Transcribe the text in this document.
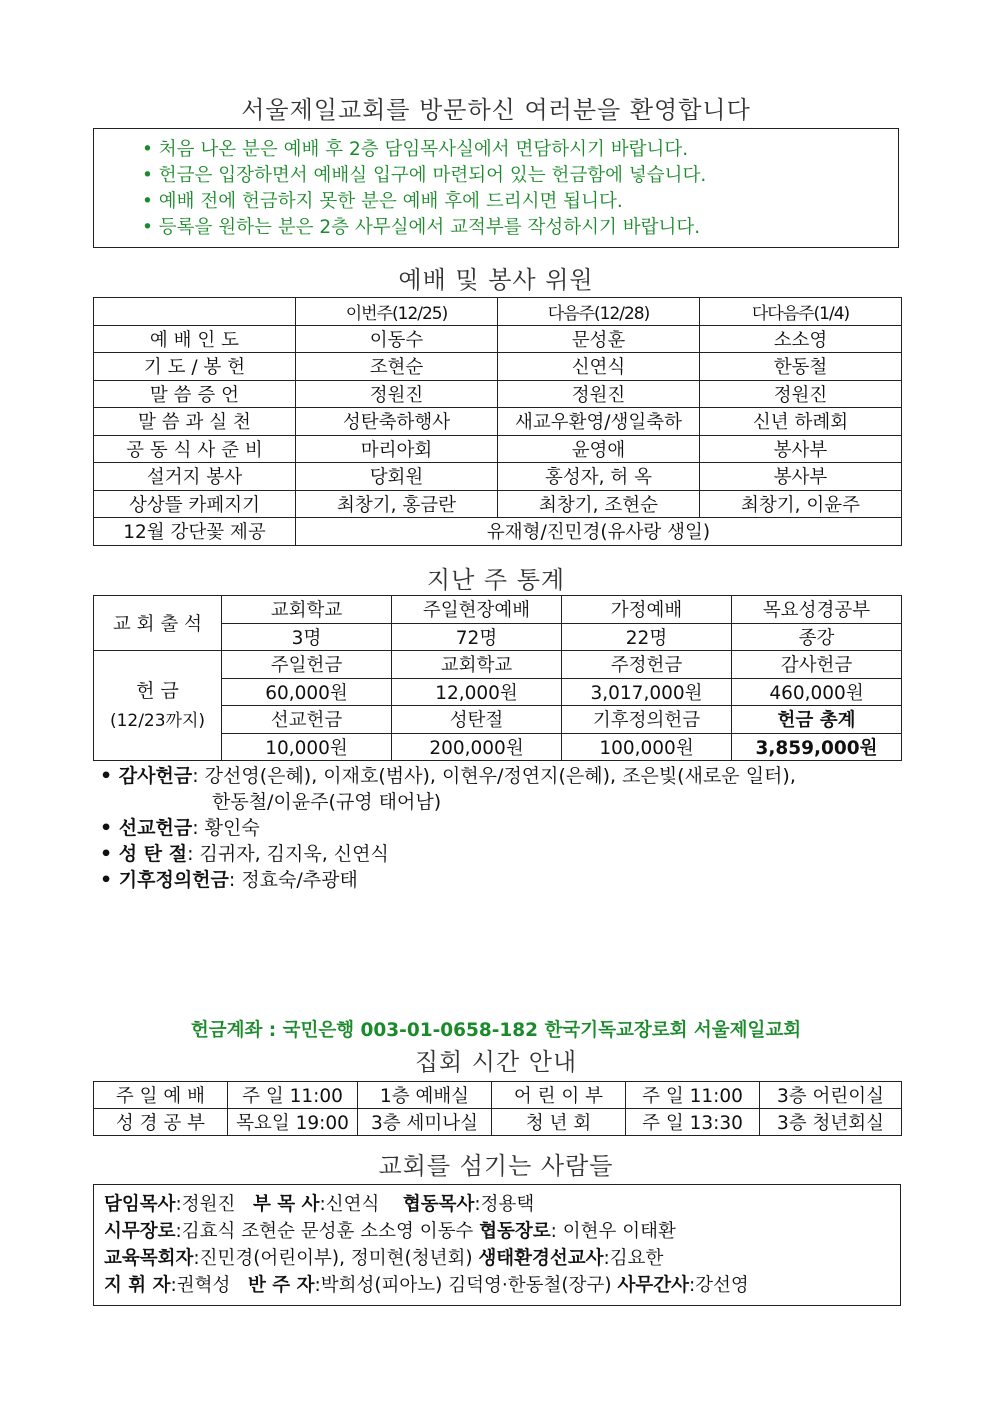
서울제일교회를 방문하신 여러분을 환영합니다
• 처음 나온 분은 예배 후 2층 담임목사실에서 면담하시기 바랍니다.
• 헌금은 입장하면서 예배실 입구에 마련되어 있는 헌금함에 넣습니다.
• 예배 전에 헌금하지 못한 분은 예배 후에 드리시면 됩니다.
• 등록을 원하는 분은 2층 사무실에서 교적부를 작성하시기 바랍니다.
예배 및 봉사 위원
	이번주(12/25)	다음주(12/28)	다다음주(1/4)
예 배 인 도	이동수	문성훈	소소영
기 도 / 봉 헌	조현순	신연식	한동철
말 씀 증 언	정원진	정원진	정원진
말 씀 과 실 천	성탄축하행사	새교우환영/생일축하	신년 하례회
공 동 식 사 준 비	마리아회	윤영애	봉사부
설거지 봉사	당회원	홍성자, 허 옥	봉사부
상상뜰 카페지기	최창기, 홍금란	최창기, 조현순	최창기, 이윤주
12월 강단꽃 제공	유재형/진민경(유사랑 생일)		
지난 주 통계
교 회 출 석	교회학교	주일현장예배	가정예배	목요성경공부
	3명	72명	22명	종강

헌 금
(12/23까지)	주일헌금	교회학교	주정헌금	감사헌금
	60,000원	12,000원	3,017,000원	460,000원
	선교헌금	성탄절	기후정의헌금	헌금 총계
	10,000원	200,000원	100,000원	3,859,000원
• 감사헌금: 강선영(은혜), 이재호(범사), 이현우/정연지(은혜), 조은빛(새로운 일터),
한동철/이윤주(규영 태어남)
• 선교헌금: 황인숙
• 성 탄 절: 김귀자, 김지욱, 신연식
• 기후정의헌금: 정효숙/추광태
헌금계좌 : 국민은행 003-01-0658-182 한국기독교장로회 서울제일교회
집회 시간 안내
주 일 예 배	주 일 11:00	1층 예배실	어 린 이 부	주 일 11:00	3층 어린이실
성 경 공 부	목요일 19:00	3층 세미나실	청 년 회	주 일 13:30	3층 청년회실
교회를 섬기는 사람들
담임목사:정원진   부 목 사:신연식    협동목사:정용택
시무장로:김효식 조현순 문성훈 소소영 이동수 협동장로: 이현우 이태환
교육목회자:진민경(어린이부), 정미현(청년회) 생태환경선교사:김요한
지 휘 자:권혁성   반 주 자:박희성(피아노) 김덕영·한동철(장구) 사무간사:강선영
